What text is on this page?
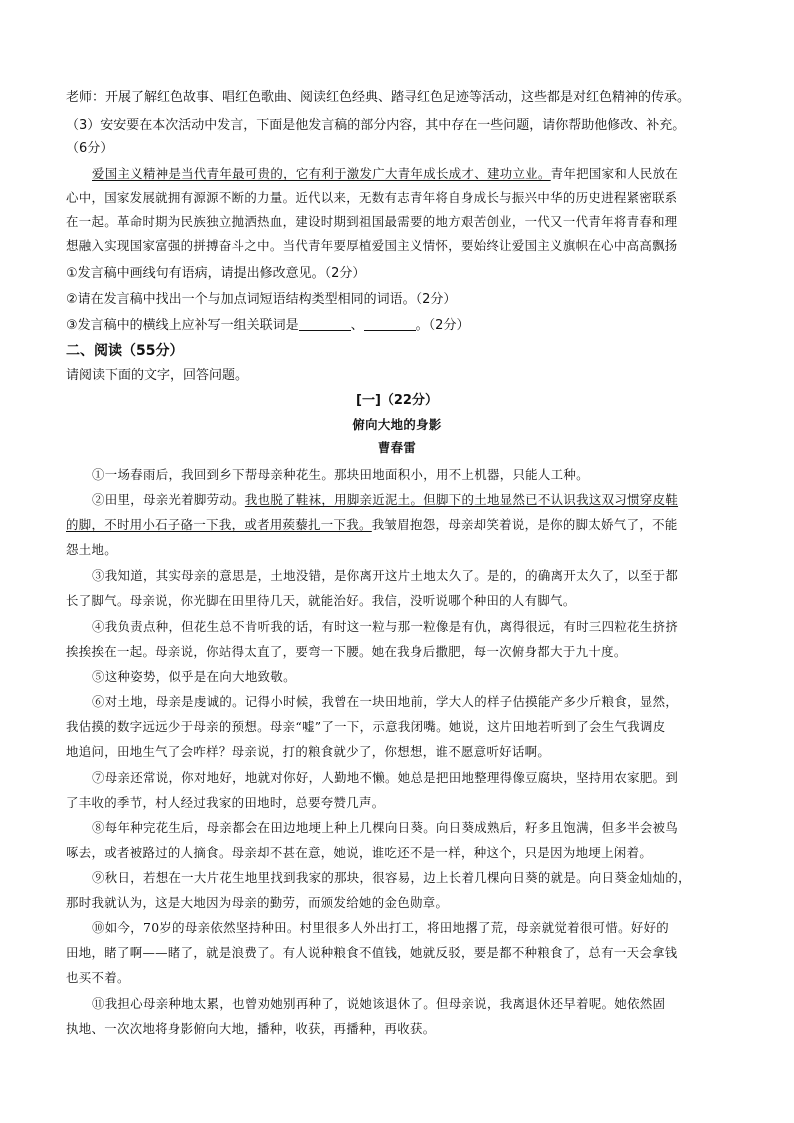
老师：开展了解红色故事、唱红色歌曲、阅读红色经典、踏寻红色足迹等活动，这些都是对红色精神的传承。
（3）安安要在本次活动中发言，下面是他发言稿的部分内容，其中存在一些问题，请你帮助他修改、补充。
（6分）
爱国主义精神是当代青年最可贵的，它有利于激发广大青年成长成才、建功立业。青年把国家和人民放在
心中，国家发展就拥有源源不断的力量。近代以来，无数有志青年将自身成长与振兴中华的历史进程紧密联系
在一起。革命时期为民族独立抛洒热血，建设时期到祖国最需要的地方艰苦创业，一代又一代青年将青春和理
想融入实现国家富强的拼搏奋斗之中。当代青年要厚植爱国主义情怀，要始终让爱国主义旗帜在心中高高飘扬
①发言稿中画线句有语病，请提出修改意见。（2分）
②请在发言稿中找出一个与加点词短语结构类型相同的词语。（2分）
③发言稿中的横线上应补写一组关联词是	、	。（2分）
二、阅读（55分）
请阅读下面的文字，回答问题。
[一]（22分）
俯向大地的身影
曹春雷
①一场春雨后，我回到乡下帮母亲种花生。那块田地面积小，用不上机器，只能人工种。
②田里，母亲光着脚劳动。我也脱了鞋袜，用脚亲近泥土。但脚下的土地显然已不认识我这双习惯穿皮鞋
的脚，不时用小石子硌一下我，或者用蒺藜扎一下我。我皱眉抱怨，母亲却笑着说，是你的脚太娇气了，不能
怨土地。
③我知道，其实母亲的意思是，土地没错，是你离开这片土地太久了。是的，的确离开太久了，以至于都
长了脚气。母亲说，你光脚在田里待几天，就能治好。我信，没听说哪个种田的人有脚气。
④我负责点种，但花生总不肯听我的话，有时这一粒与那一粒像是有仇，离得很远，有时三四粒花生挤挤
挨挨挨在一起。母亲说，你站得太直了，要弯一下腰。她在我身后撒肥，每一次俯身都大于九十度。
⑤这种姿势，似乎是在向大地致敬。
⑥对土地，母亲是虔诚的。记得小时候，我曾在一块田地前，学大人的样子估摸能产多少斤粮食，显然，
我估摸的数字远远少于母亲的预想。母亲“嘘”了一下，示意我闭嘴。她说，这片田地若听到了会生气我调皮
地追问，田地生气了会咋样？母亲说，打的粮食就少了，你想想，谁不愿意听好话啊。
⑦母亲还常说，你对地好，地就对你好，人勤地不懒。她总是把田地整理得像豆腐块，坚持用农家肥。到
了丰收的季节，村人经过我家的田地时，总要夸赞几声。
⑧每年种完花生后，母亲都会在田边地埂上种上几棵向日葵。向日葵成熟后，籽多且饱满，但多半会被鸟
啄去，或者被路过的人摘食。母亲却不甚在意，她说，谁吃还不是一样，种这个，只是因为地埂上闲着。
⑨秋日，若想在一大片花生地里找到我家的那块，很容易，边上长着几棵向日葵的就是。向日葵金灿灿的，
那时我就认为，这是大地因为母亲的勤劳，而颁发给她的金色勋章。
⑩如今，70岁的母亲依然坚持种田。村里很多人外出打工，将田地撂了荒，母亲就觉着很可惜。好好的
田地，睹了啊——睹了，就是浪费了。有人说种粮食不值钱，她就反驳，要是都不种粮食了，总有一天会拿钱
也买不着。
⑪我担心母亲种地太累，也曾劝她别再种了，说她该退休了。但母亲说，我离退休还早着呢。她依然固
执地、一次次地将身影俯向大地，播种，收获，再播种，再收获。
